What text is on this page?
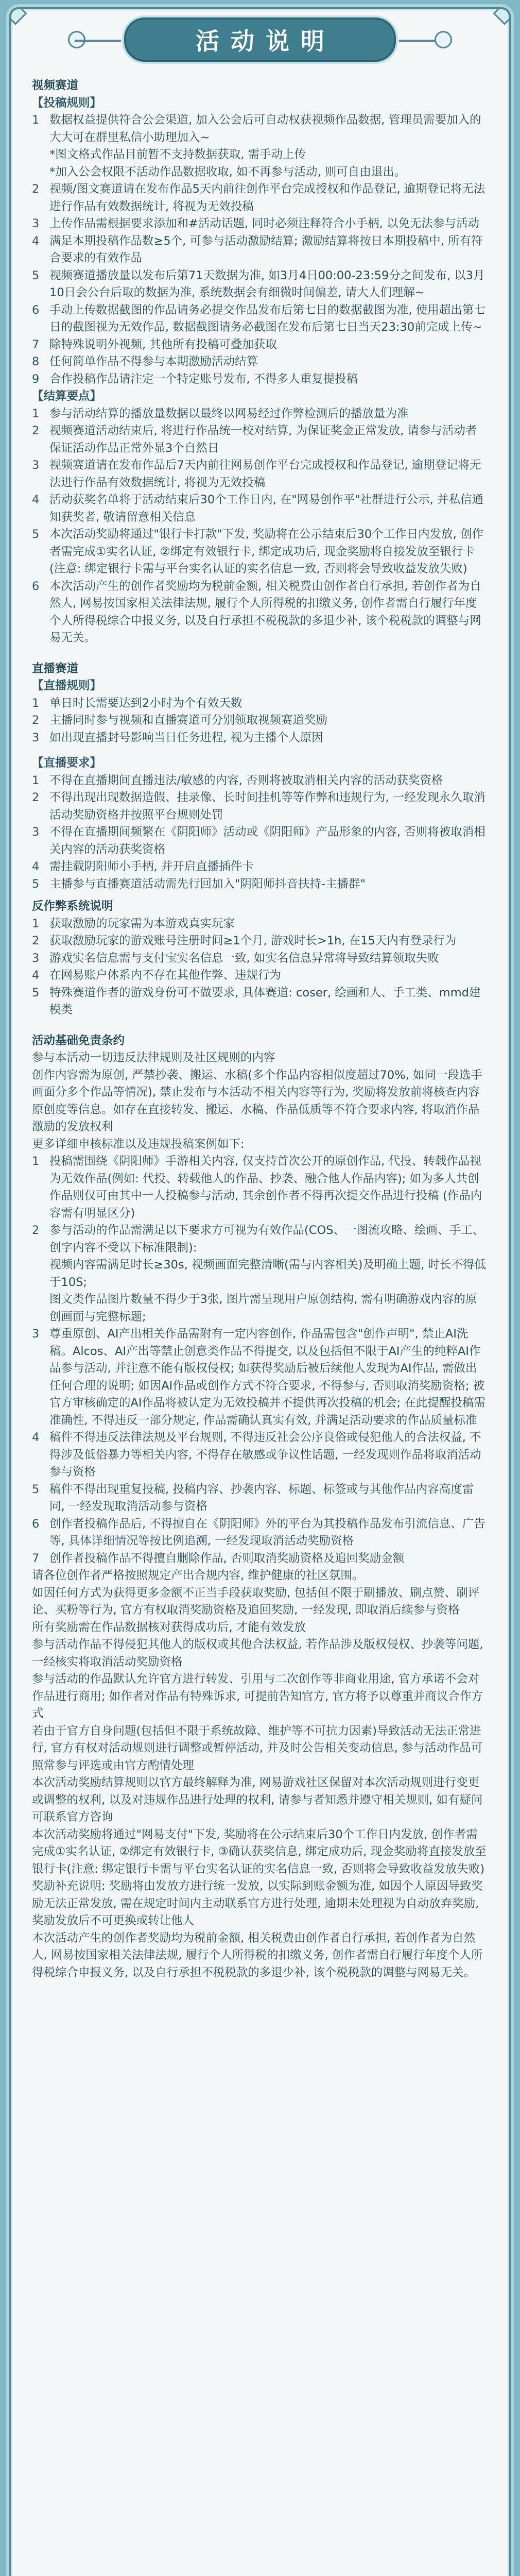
活动说明
视频赛道
【投稿规则】
1 数据权益提供符合公会渠道, 加入公会后可自动权获视频作品数据, 管理员需要加入的大大可在群里私信小助理加入~
*图文格式作品目前暂不支持数据获取, 需手动上传
*加入公会权限不活动作品数据收取, 如不再参与活动, 则可自由退出。
2 视频/图文赛道请在发布作品5天内前往创作平台完成授权和作品登记, 逾期登记将无法进行作品有效数据统计, 将视为无效投稿
3 上传作品需根据要求添加和#活动话题, 同时必须注释符合小手柄, 以免无法参与活动
4 满足本期投稿作品数≥5个, 可参与活动激励结算; 激励结算将按日本期投稿中, 所有符合要求的有效作品
5 视频赛道播放量以发布后第71天数据为准, 如3月4日00:00-23:59分之间发布, 以3月10日会公台后取的数据为准, 系统数据会有细微时间偏差, 请大人们理解~
6 手动上传数据截图的作品请务必提交作品发布后第七日的数据截图为准, 使用超出第七日的截图视为无效作品, 数据截图请务必截图在发布后第七日当天23:30前完成上传~
7 除特殊说明外视频, 其他所有投稿可叠加获取
8 任何简单作品不得参与本期激励活动结算
9 合作投稿作品请注定一个特定账号发布, 不得多人重复提投稿
【结算要点】
1 参与活动结算的播放量数据以最终以网易经过作弊检测后的播放量为准
2 视频赛道活动结束后, 将进行作品统一校对结算, 为保证奖金正常发放, 请参与活动者保证活动作品正常外显3个自然日
3 视频赛道请在发布作品后7天内前往网易创作平台完成授权和作品登记, 逾期登记将无法进行作品有效数据统计, 将视为无效投稿
4 活动获奖名单将于活动结束后30个工作日内, 在"网易创作平"社群进行公示, 并私信通知获奖者, 敬请留意相关信息
5 本次活动奖励将通过"银行卡打款"下发, 奖励将在公示结束后30个工作日内发放, 创作者需完成①实名认证, ②绑定有效银行卡, 绑定成功后, 现金奖励将自接发放至银行卡(注意: 绑定银行卡需与平台实名认证的实名信息一致, 否则将会导致收益发放失败)
6 本次活动产生的创作者奖励均为税前金额, 相关税费由创作者自行承担, 若创作者为自然人, 网易按国家相关法律法规, 履行个人所得税的扣缴义务, 创作者需自行履行年度个人所得税综合申报义务, 以及自行承担不税税款的多退少补, 该个税税款的调整与网易无关。
直播赛道
【直播规则】
1 单日时长需要达到2小时为个有效天数
2 主播同时参与视频和直播赛道可分别领取视频赛道奖励
3 如出现直播封号影响当日任务进程, 视为主播个人原因
【直播要求】
1 不得在直播期间直播违法/敏感的内容, 否则将被取消相关内容的活动获奖资格
2 不得出现出现数据造假、挂录像、长时间挂机等等作弊和违规行为, 一经发现永久取消活动奖励资格并按照平台规则处罚
3 不得在直播期间频繁在《阴阳师》活动或《阴阳师》产品形象的内容, 否则将被取消相关内容的活动获奖资格
4 需挂载阴阳师小手柄, 并开启直播插件卡
5 主播参与直播赛道活动需先行回加入"阴阳师抖音扶持-主播群"
反作弊系统说明
1 获取激励的玩家需为本游戏真实玩家
2 获取激励玩家的游戏账号注册时间≥1个月, 游戏时长>1h, 在15天内有登录行为
3 游戏实名信息需与支付宝实名信息一致, 如实名信息异常将导致结算领取失败
4 在网易账户体系内不存在其他作弊、违规行为
5 特殊赛道作者的游戏身份可不做要求, 具体赛道: coser, 绘画和人、手工类、mmd建模类
活动基础免责条约
参与本活动一切违反法律规则及社区规则的内容
创作内容需为原创, 严禁抄袭、搬运、水稿(多个作品内容相似度超过70%, 如同一段选手画面分多个作品等情况), 禁止发布与本活动不相关内容等行为, 奖励将发放前将核查内容原创度等信息。如存在直接转发、搬运、水稿、作品低质等不符合要求内容, 将取消作品激励的发放权利
更多详细申核标准以及违规投稿案例如下:
1 投稿需围绕《阴阳师》手游相关内容, 仅支持首次公开的原创作品, 代投、转载作品视为无效作品(例如: 代投、转载他人的作品、抄袭、融合他人作品内容); 如为多人共创作品则仅可由其中一人投稿参与活动, 其余创作者不得再次提交作品进行投稿 (作品内容需有明显区分)
2 参与活动的作品需满足以下要求方可视为有效作品(COS、一图流攻略、绘画、手工、创字内容不受以下标准限制):
视频内容需满足时长≥30s, 视频画面完整清晰(需与内容相关)及明确上题, 时长不得低于10S;
图文类作品图片数量不得少于3张, 图片需呈现用户原创结构, 需有明确游戏内容的原创画面与完整标题;
3 尊重原创、AI产出相关作品需附有一定内容创作, 作品需包含"创作声明", 禁止AI洗稿。Alcos、AI产出等禁止创意类作品不得提交, 以及包括但不限于AI产生的纯粹AI作品参与活动, 并注意不能有版权侵权; 如获得奖励后被后续他人发现为AI作品, 需做出任何合理的说明; 如因AI作品或创作方式不符合要求, 不得参与, 否则取消奖励资格; 被官方审核确定的AI作品将被认定为无效投稿并不提供再次投稿的机会; 在此提醒投稿需准确性, 不得违反一部分规定, 作品需确认真实有效, 并满足活动要求的作品质量标准
4 稿件不得违反法律法规及平台规则, 不得违反社会公序良俗或侵犯他人的合法权益, 不得涉及低俗暴力等相关内容, 不得存在敏感或争议性话题, 一经发现则作品将取消活动参与资格
5 稿件不得出现重复投稿, 投稿内容、抄袭内容、标题、标签或与其他作品内容高度雷同, 一经发现取消活动参与资格
6 创作者投稿作品后, 不得擅自在《阴阳师》外的平台为其投稿作品发布引流信息、广告等, 具体详细情况等按比例追溯, 一经发现取消活动奖励资格
7 创作者投稿作品不得擅自删除作品, 否则取消奖励资格及追回奖励金额
请各位创作者严格按照规定产出合规内容, 维护健康的社区氛围。
如因任何方式为获得更多金额不正当手段获取奖励, 包括但不限于刷播放、刷点赞、刷评论、买粉等行为, 官方有权取消奖励资格及追回奖励, 一经发现, 即取消后续参与资格
所有奖励需在作品数据核对获得成功后, 才能有效发放
参与活动作品不得侵犯其他人的版权或其他合法权益, 若作品涉及版权侵权、抄袭等问题, 一经核实将取消活动奖励资格
参与活动的作品默认允许官方进行转发、引用与二次创作等非商业用途, 官方承诺不会对作品进行商用; 如作者对作品有特殊诉求, 可提前告知官方, 官方将予以尊重并商议合作方式
若由于官方自身问题(包括但不限于系统故障、维护等不可抗力因素)导致活动无法正常进行, 官方有权对活动规则进行调整或暂停活动, 并及时公告相关变动信息, 参与活动作品可照常参与评选或由官方酌情处理
本次活动奖励结算规则以官方最终解释为准, 网易游戏社区保留对本次活动规则进行变更或调整的权利, 以及对违规作品进行处理的权利, 请参与者知悉并遵守相关规则, 如有疑问可联系官方咨询
本次活动奖励将通过"网易支付"下发, 奖励将在公示结束后30个工作日内发放, 创作者需完成①实名认证, ②绑定有效银行卡, ③确认获奖信息, 绑定成功后, 现金奖励将直接发放至银行卡(注意: 绑定银行卡需与平台实名认证的实名信息一致, 否则将会导致收益发放失败)
奖励补充说明: 奖励将由发放方进行统一发放, 以实际到账金额为准, 如因个人原因导致奖励无法正常发放, 需在规定时间内主动联系官方进行处理, 逾期未处理视为自动放弃奖励, 奖励发放后不可更换或转让他人
本次活动产生的创作者奖励均为税前金额, 相关税费由创作者自行承担, 若创作者为自然人, 网易按国家相关法律法规, 履行个人所得税的扣缴义务, 创作者需自行履行年度个人所得税综合申报义务, 以及自行承担不税税款的多退少补, 该个税税款的调整与网易无关。
